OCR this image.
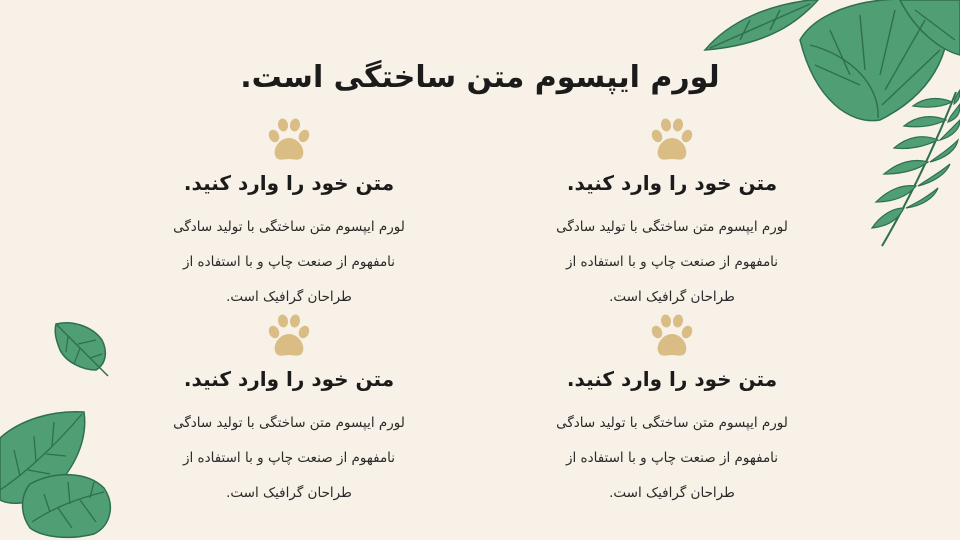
لورم ایپسوم متن ساختگی است.
متن خود را وارد کنید.

لورم ایپسوم متن ساختگی با تولید سادگی نامفهوم از صنعت چاپ و با استفاده از طراحان گرافیک است.

متن خود را وارد کنید.

لورم ایپسوم متن ساختگی با تولید سادگی نامفهوم از صنعت چاپ و با استفاده از طراحان گرافیک است.

متن خود را وارد کنید.

لورم ایپسوم متن ساختگی با تولید سادگی نامفهوم از صنعت چاپ و با استفاده از طراحان گرافیک است.

متن خود را وارد کنید.

لورم ایپسوم متن ساختگی با تولید سادگی نامفهوم از صنعت چاپ و با استفاده از طراحان گرافیک است.
